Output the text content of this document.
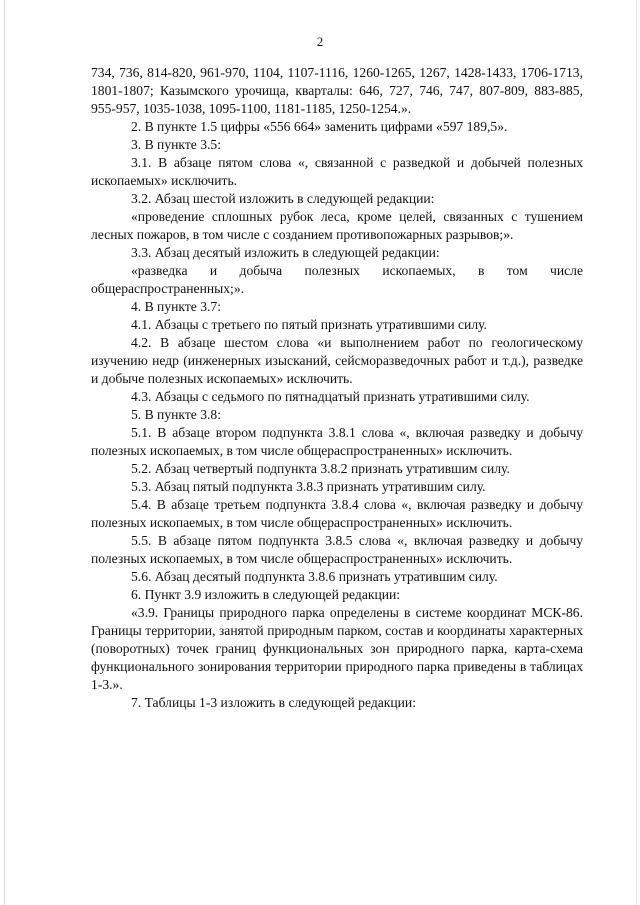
2

734, 736, 814-820, 961-970, 1104, 1107-1116, 1260-1265, 1267, 1428-1433, 1706-1713, 1801-1807; Казымского урочища, кварталы: 646, 727, 746, 747, 807-809, 883-885, 955-957, 1035-1038, 1095-1100, 1181-1185, 1250-1254.».

2. В пункте 1.5 цифры «556 664» заменить цифрами «597 189,5».

3. В пункте 3.5:

3.1. В абзаце пятом слова «, связанной с разведкой и добычей полезных ископаемых» исключить.

3.2. Абзац шестой изложить в следующей редакции:

«проведение сплошных рубок леса, кроме целей, связанных с тушением лесных пожаров, в том числе с созданием противопожарных разрывов;».

3.3. Абзац десятый изложить в следующей редакции:

«разведка и добыча полезных ископаемых, в том числе общераспространенных;».

4. В пункте 3.7:

4.1. Абзацы с третьего по пятый признать утратившими силу.

4.2. В абзаце шестом слова «и выполнением работ по геологическому изучению недр (инженерных изысканий, сейсморазведочных работ и т.д.), разведке и добыче полезных ископаемых» исключить.

4.3. Абзацы с седьмого по пятнадцатый признать утратившими силу.

5. В пункте 3.8:

5.1. В абзаце втором подпункта 3.8.1 слова «, включая разведку и добычу полезных ископаемых, в том числе общераспространенных» исключить.

5.2. Абзац четвертый подпункта 3.8.2 признать утратившим силу.

5.3. Абзац пятый подпункта 3.8.3 признать утратившим силу.

5.4. В абзаце третьем подпункта 3.8.4 слова «, включая разведку и добычу полезных ископаемых, в том числе общераспространенных» исключить.

5.5. В абзаце пятом подпункта 3.8.5 слова «, включая разведку и добычу полезных ископаемых, в том числе общераспространенных» исключить.

5.6. Абзац десятый подпункта 3.8.6 признать утратившим силу.

6. Пункт 3.9 изложить в следующей редакции:

«3.9. Границы природного парка определены в системе координат МСК-86. Границы территории, занятой природным парком, состав и координаты характерных (поворотных) точек границ функциональных зон природного парка, карта-схема функционального зонирования территории природного парка приведены в таблицах 1-3.».

7. Таблицы 1-3 изложить в следующей редакции:
